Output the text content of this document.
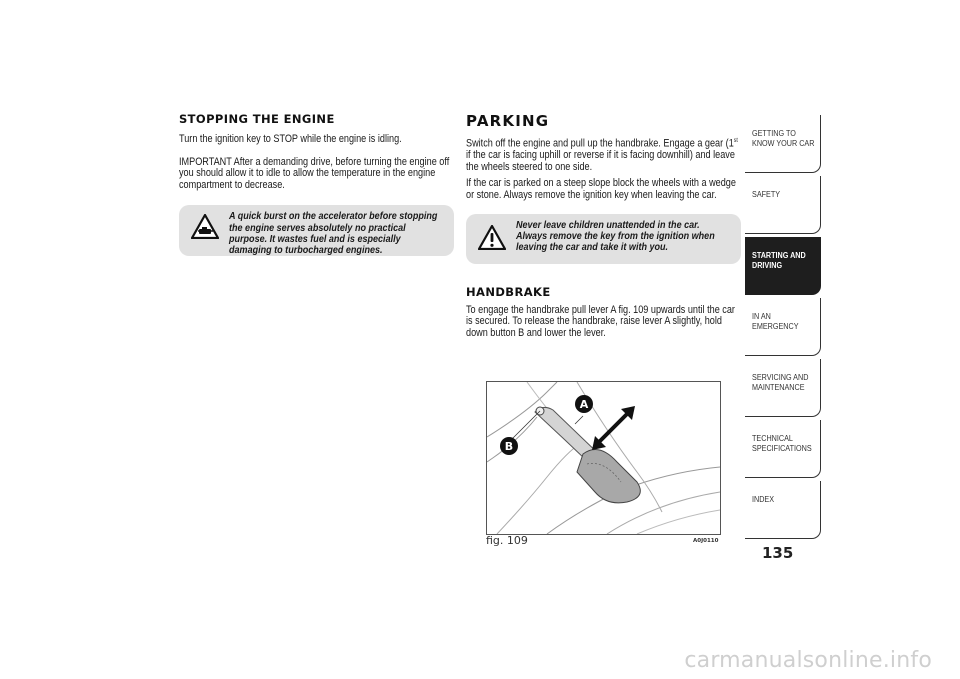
STOPPING THE ENGINE

Turn the ignition key to STOP while the engine is idling.

IMPORTANT After a demanding drive, before turning the engine off you should allow it to idle to allow the temperature in the engine compartment to decrease.

A quick burst on the accelerator before stopping the engine serves absolutely no practical purpose. It wastes fuel and is especially damaging to turbocharged engines.

PARKING

Switch off the engine and pull up the handbrake. Engage a gear (1st if the car is facing uphill or reverse if it is facing downhill) and leave the wheels steered to one side.

If the car is parked on a steep slope block the wheels with a wedge or stone. Always remove the ignition key when leaving the car.

Never leave children unattended in the car. Always remove the key from the ignition when leaving the car and take it with you.

HANDBRAKE

To engage the handbrake pull lever A fig. 109 upwards until the car is secured. To release the handbrake, raise lever A slightly, hold down button B and lower the lever.

A
B
fig. 109	A0J0110
GETTING TO KNOW YOUR CAR
SAFETY
STARTING AND DRIVING
IN AN EMERGENCY
SERVICING AND MAINTENANCE
TECHNICAL SPECIFICATIONS
INDEX
135
carmanualsonline.info
